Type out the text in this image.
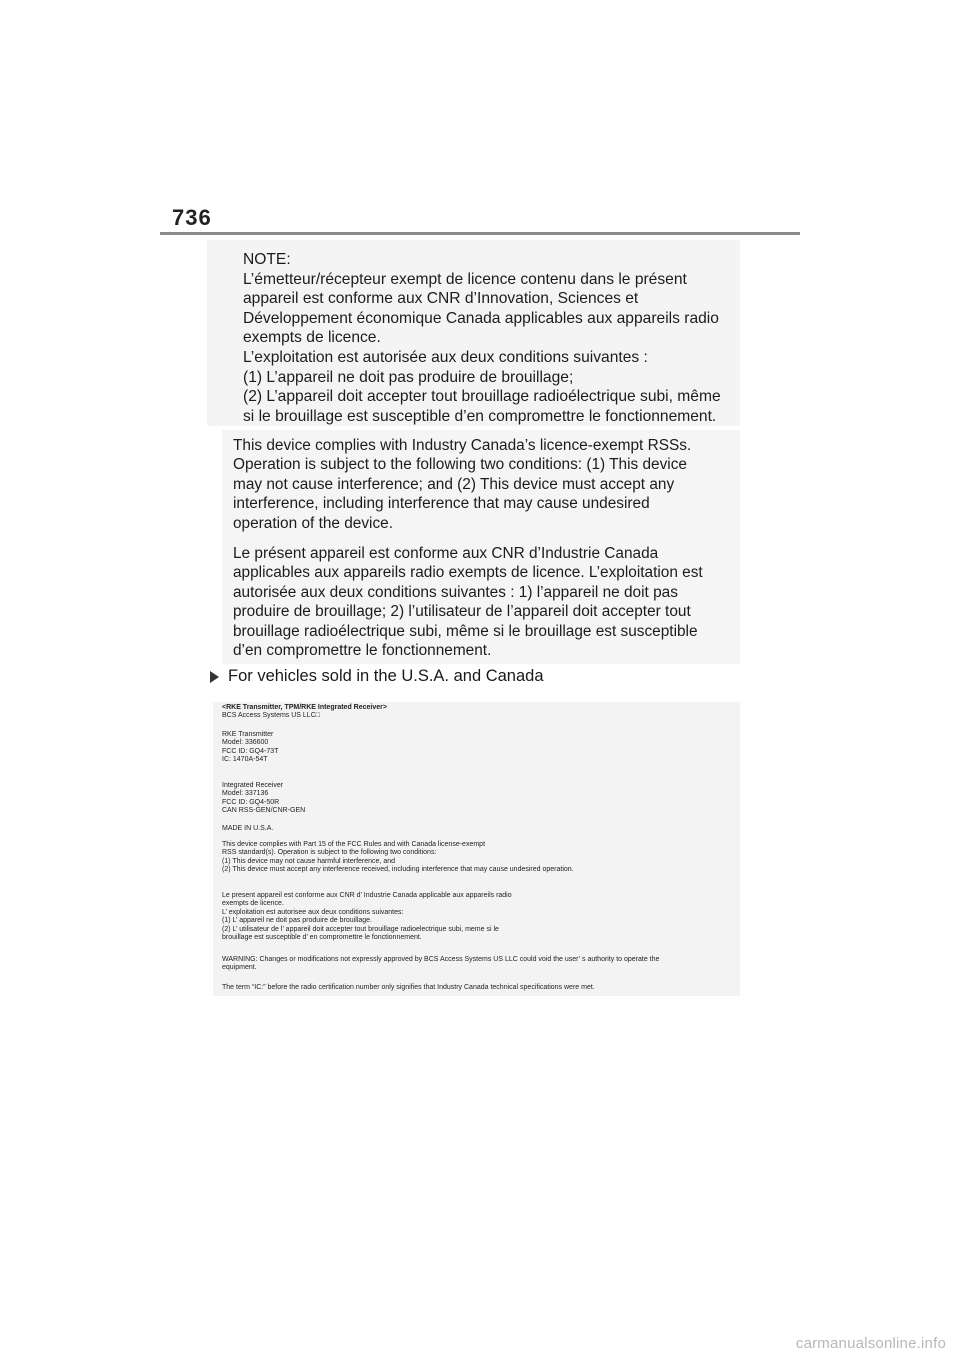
736
NOTE:
L’émetteur/récepteur exempt de licence contenu dans le présent
appareil est conforme aux CNR d’Innovation, Sciences et
Développement économique Canada applicables aux appareils radio
exempts de licence.
L’exploitation est autorisée aux deux conditions suivantes :
(1) L’appareil ne doit pas produire de brouillage;
(2) L’appareil doit accepter tout brouillage radioélectrique subi, même
si le brouillage est susceptible d’en compromettre le fonctionnement.
This device complies with Industry Canada’s licence-exempt RSSs.
Operation is subject to the following two conditions: (1) This device
may not cause interference; and (2) This device must accept any
interference, including interference that may cause undesired
operation of the device.
Le présent appareil est conforme aux CNR d’Industrie Canada
applicables aux appareils radio exempts de licence. L’exploitation est
autorisée aux deux conditions suivantes : 1) l’appareil ne doit pas
produire de brouillage; 2) l’utilisateur de l’appareil doit accepter tout
brouillage radioélectrique subi, même si le brouillage est susceptible
d’en compromettre le fonctionnement.
For vehicles sold in the U.S.A. and Canada
<RKE Transmitter, TPM/RKE Integrated Receiver>
BCS Access Systems US LLC□
RKE Transmitter
Model: 336600
FCC ID: GQ4-73T
IC: 1470A-54T
Integrated Receiver
Model: 337136
FCC ID: GQ4-50R
CAN RSS-GEN/CNR-GEN
MADE IN U.S.A.
This device complies with Part 15 of the FCC Rules and with Canada license-exempt
RSS standard(s). Operation is subject to the following two conditions:
(1) This device may not cause harmful interference, and
(2) This device must accept any interference received, including interference that may cause undesired operation.
Le present appareil est conforme aux CNR d’ Industrie Canada applicable aux appareils radio
exempts de licence.
L’ exploitation est autorisee aux deux conditions suivantes:
(1) L’ appareil ne doit pas produire de brouillage.
(2) L’ utilisateur de l’ appareil doit accepter tout brouillage radioelectrique subi, meme si le
brouillage est susceptible d’ en compromettre le fonctionnement.
WARNING: Changes or modifications not expressly approved by BCS Access Systems US LLC could void the user’ s authority to operate the
equipment.
The term “IC:” before the radio certification number only signifies that Industry Canada technical specifications were met.
carmanualsonline.info
